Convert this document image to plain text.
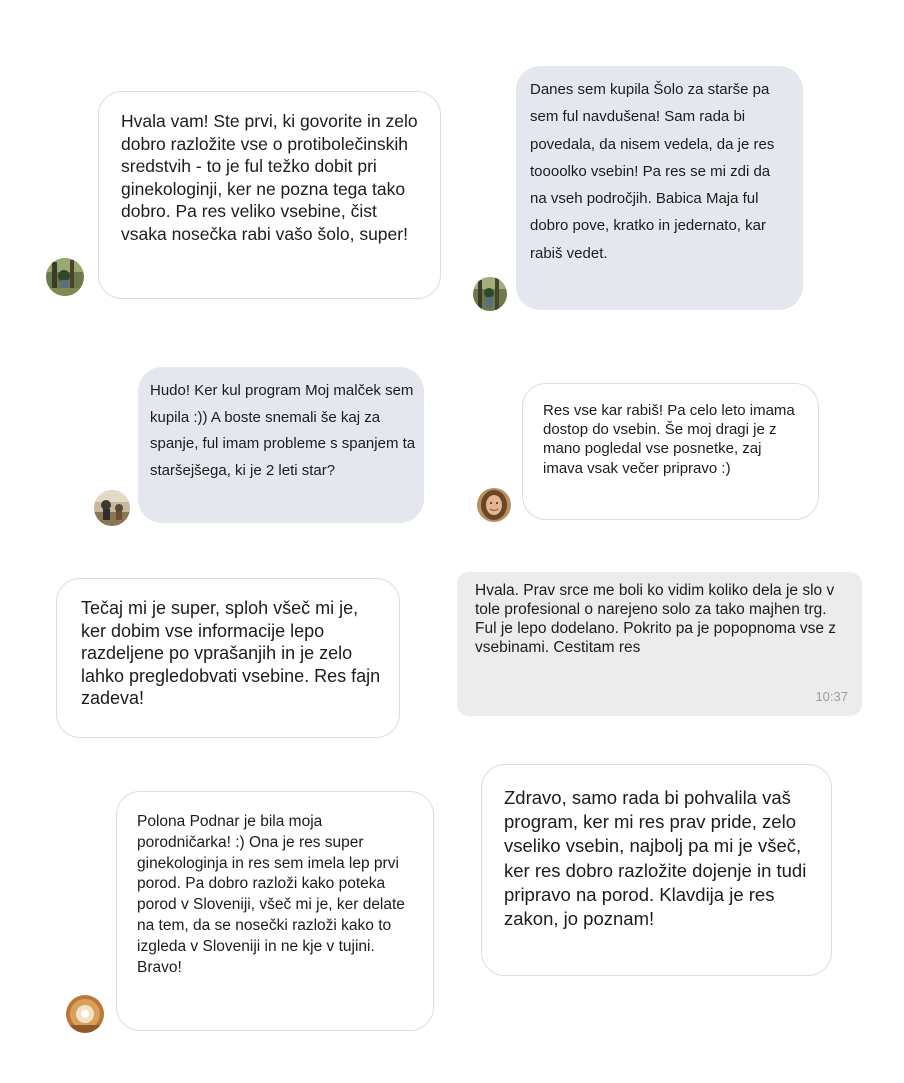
Hvala vam! Ste prvi, ki govorite in zelo dobro razložite vse o protibolečinskih sredstvih - to je ful težko dobit pri ginekologinji, ker ne pozna tega tako dobro. Pa res veliko vsebine, čist vsaka nosečka rabi vašo šolo, super!

Danes sem kupila Šolo za starše pa sem ful navdušena! Sam rada bi povedala, da nisem vedela, da je res toooolko vsebin! Pa res se mi zdi da na vseh področjih. Babica Maja ful dobro pove, kratko in jedernato, kar rabiš vedet.

Hudo! Ker kul program Moj malček sem kupila :)) A boste snemali še kaj za spanje, ful imam probleme s spanjem ta staršejšega, ki je 2 leti star?

Res vse kar rabiš! Pa celo leto imama dostop do vsebin. Še moj dragi je z mano pogledal vse posnetke, zaj imava vsak večer pripravo :)

Tečaj mi je super, sploh všeč mi je, ker dobim vse informacije lepo razdeljene po vprašanjih in je zelo lahko pregledobvati vsebine. Res fajn zadeva!

Hvala. Prav srce me boli ko vidim koliko dela je slo v tole profesional o narejeno solo za tako majhen trg. Ful je lepo dodelano. Pokrito pa je popopnoma vse z vsebinami. Cestitam res

10:37

Polona Podnar je bila moja porodničarka! :) Ona je res super ginekologinja in res sem imela lep prvi porod. Pa dobro razloži kako poteka porod v Sloveniji, všeč mi je, ker delate na tem, da se nosečki razloži kako to izgleda v Sloveniji in ne kje v tujini. Bravo!

Zdravo, samo rada bi pohvalila vaš program, ker mi res prav pride, zelo vseliko vsebin, najbolj pa mi je všeč, ker res dobro razložite dojenje in tudi pripravo na porod. Klavdija je res zakon, jo poznam!
